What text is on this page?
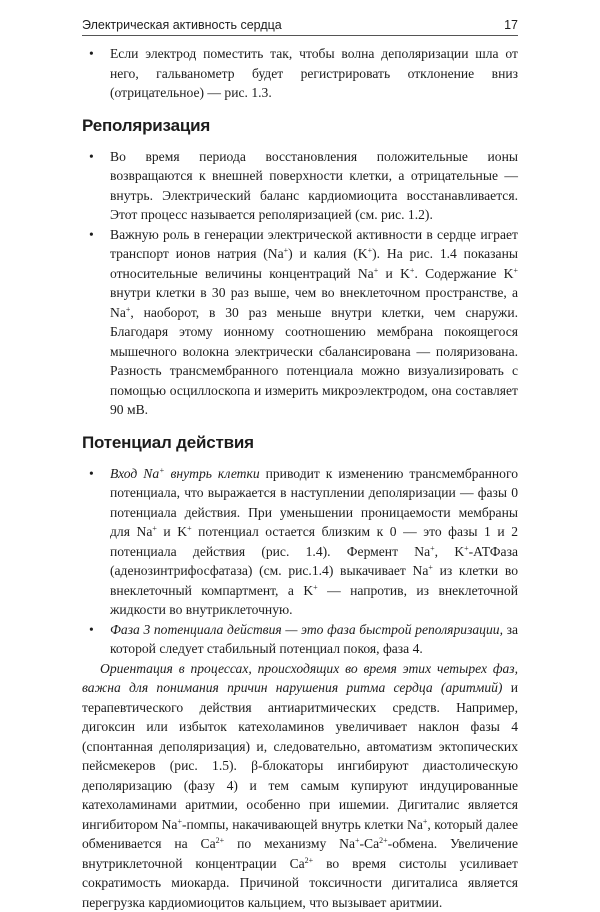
Электрическая активность сердца	17

• Если электрод поместить так, чтобы волна деполяризации шла от него, гальванометр будет регистрировать отклонение вниз (отрицательное) — рис. 1.3.

Реполяризация

• Во время периода восстановления положительные ионы возвращаются к внешней поверхности клетки, а отрицательные — внутрь. Электрический баланс кардиомиоцита восстанавливается. Этот процесс называется реполяризацией (см. рис. 1.2).

• Важную роль в генерации электрической активности в сердце играет транспорт ионов натрия (Na+) и калия (K+). На рис. 1.4 показаны относительные величины концентраций Na+ и K+. Содержание K+ внутри клетки в 30 раз выше, чем во внеклеточном пространстве, а Na+, наоборот, в 30 раз меньше внутри клетки, чем снаружи. Благодаря этому ионному соотношению мембрана покоящегося мышечного волокна электрически сбалансирована — поляризована. Разность трансмембранного потенциала можно визуализировать с помощью осциллоскопа и измерить микроэлектродом, она составляет 90 мВ.

Потенциал действия

• Вход Na+ внутрь клетки приводит к изменению трансмембранного потенциала, что выражается в наступлении деполяризации — фазы 0 потенциала действия. При уменьшении проницаемости мембраны для Na+ и K+ потенциал остается близким к 0 — это фазы 1 и 2 потенциала действия (рис. 1.4). Фермент Na+, K+-АТФаза (аденозинтрифосфатаза) (см. рис.1.4) выкачивает Na+ из клетки во внеклеточный компартмент, а K+ — напротив, из внеклеточной жидкости во внутриклеточную.

• Фаза 3 потенциала действия — это фаза быстрой реполяризации, за которой следует стабильный потенциал покоя, фаза 4.

Ориентация в процессах, происходящих во время этих четырех фаз, важна для понимания причин нарушения ритма сердца (аритмий) и терапевтического действия антиаритмических средств. Например, дигоксин или избыток катехоламинов увеличивает наклон фазы 4 (спонтанная деполяризация) и, следовательно, автоматизм эктопических пейсмекеров (рис. 1.5). β-блокаторы ингибируют диастолическую деполяризацию (фазу 4) и тем самым купируют индуцированные катехоламинами аритмии, особенно при ишемии. Дигиталис является ингибитором Na+-помпы, накачивающей внутрь клетки Na+, который далее обменивается на $Ca^{2+}$ по механизму $Na^+-Ca^{2+}$-обмена. Увеличение внутриклеточной концентрации $Ca^{2+}$ во время систолы усиливает сократимость миокарда. Причиной токсичности дигиталиса является перегрузка кардиомиоцитов кальцием, что вызывает аритмии.
